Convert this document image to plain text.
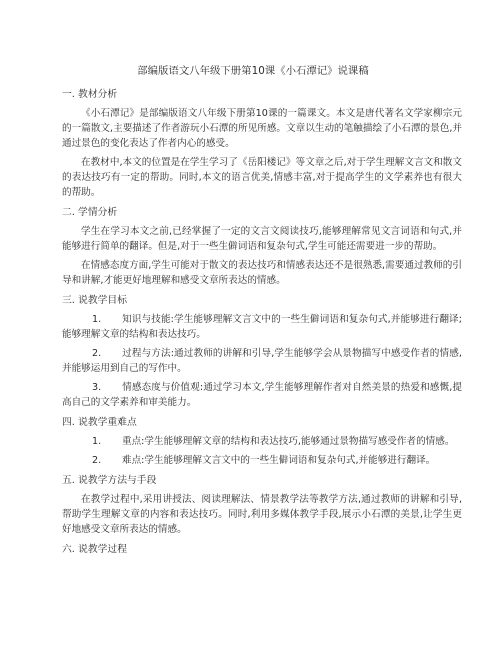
部编版语文八年级下册第10课《小石潭记》说课稿
一. 教材分析

《小石潭记》是部编版语文八年级下册第10课的一篇课文。本文是唐代著名文学家柳宗元的一篇散文,主要描述了作者游玩小石潭的所见所感。文章以生动的笔触描绘了小石潭的景色,并通过景色的变化表达了作者内心的感受。

在教材中,本文的位置是在学生学习了《岳阳楼记》等文章之后,对于学生理解文言文和散文的表达技巧有一定的帮助。同时,本文的语言优美,情感丰富,对于提高学生的文学素养也有很大的帮助。

二. 学情分析

学生在学习本文之前,已经掌握了一定的文言文阅读技巧,能够理解常见文言词语和句式,并能够进行简单的翻译。但是,对于一些生僻词语和复杂句式,学生可能还需要进一步的帮助。

在情感态度方面,学生可能对于散文的表达技巧和情感表达还不是很熟悉,需要通过教师的引导和讲解,才能更好地理解和感受文章所表达的情感。

三. 说教学目标

1. 知识与技能:学生能够理解文言文中的一些生僻词语和复杂句式,并能够进行翻译;能够理解文章的结构和表达技巧。

2. 过程与方法:通过教师的讲解和引导,学生能够学会从景物描写中感受作者的情感,并能够运用到自己的写作中。

3. 情感态度与价值观:通过学习本文,学生能够理解作者对自然美景的热爱和感慨,提高自己的文学素养和审美能力。

四. 说教学重难点

1. 重点:学生能够理解文章的结构和表达技巧,能够通过景物描写感受作者的情感。

2. 难点:学生能够理解文言文中的一些生僻词语和复杂句式,并能够进行翻译。

五. 说教学方法与手段

在教学过程中,采用讲授法、阅读理解法、情景教学法等教学方法,通过教师的讲解和引导,帮助学生理解文章的内容和表达技巧。同时,利用多媒体教学手段,展示小石潭的美景,让学生更好地感受文章所表达的情感。

六. 说教学过程
